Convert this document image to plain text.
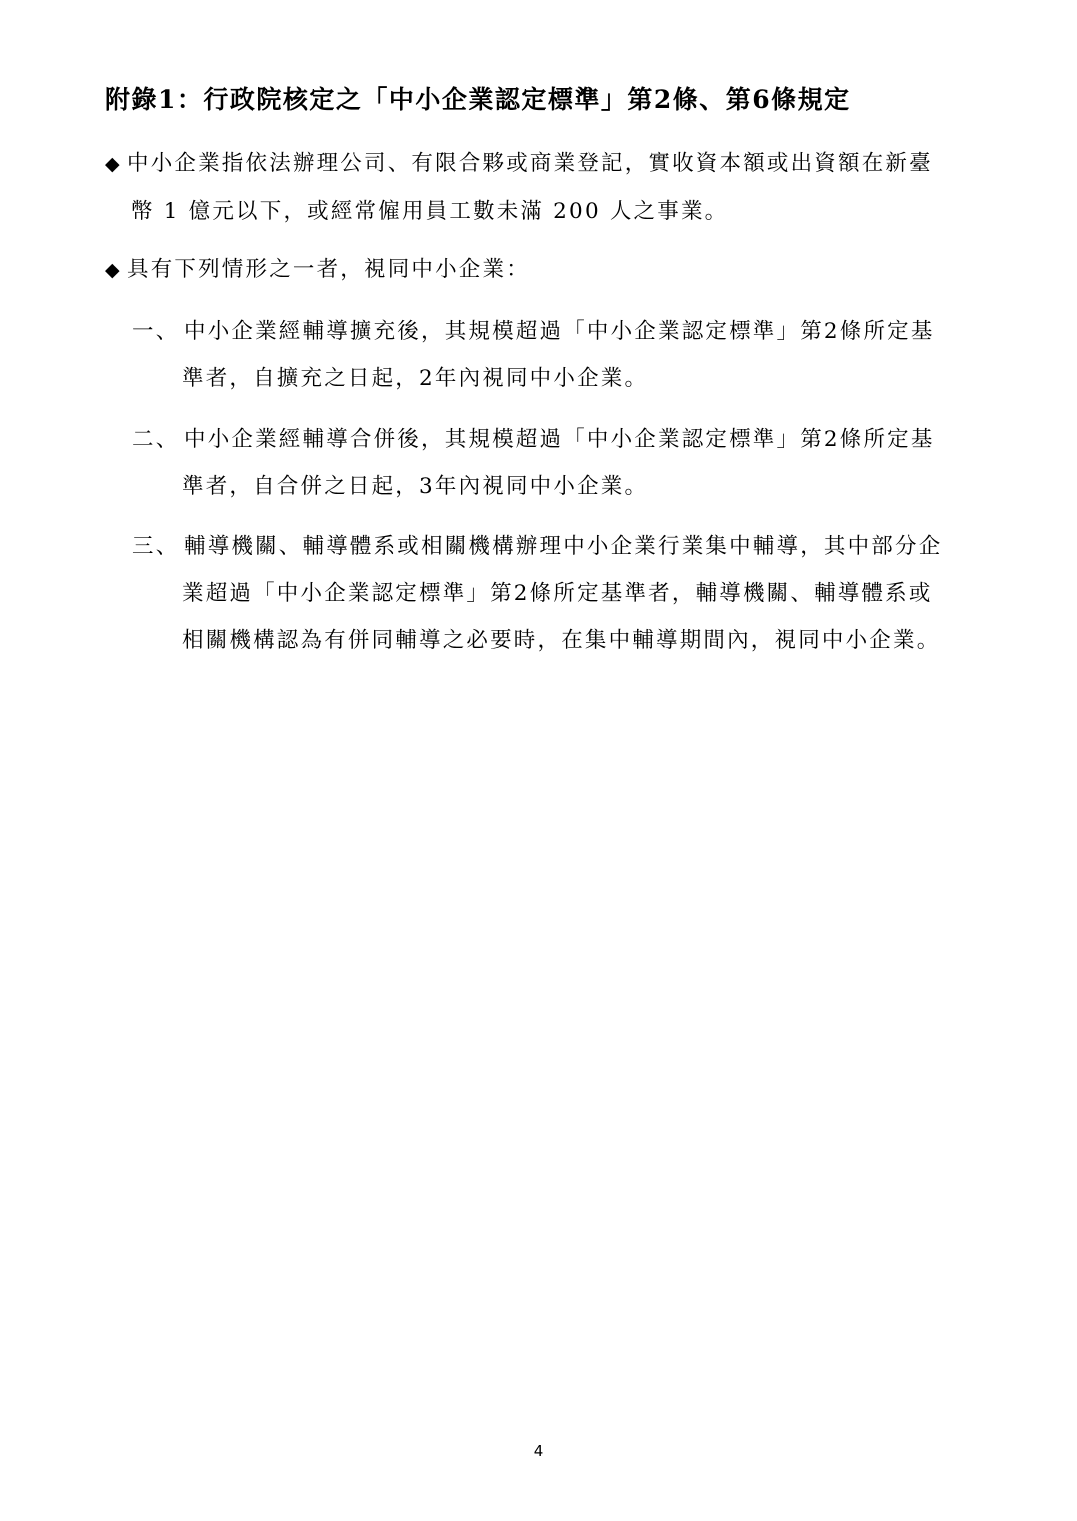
附錄1：行政院核定之「中小企業認定標準」第2條、第6條規定
◆ 中小企業指依法辦理公司、有限合夥或商業登記，實收資本額或出資額在新臺
幣 1 億元以下，或經常僱用員工數未滿 200 人之事業。
◆ 具有下列情形之一者，視同中小企業：
一、 中小企業經輔導擴充後，其規模超過「中小企業認定標準」第2條所定基
準者，自擴充之日起，2年內視同中小企業。
二、 中小企業經輔導合併後，其規模超過「中小企業認定標準」第2條所定基
準者，自合併之日起，3年內視同中小企業。
三、 輔導機關、輔導體系或相關機構辦理中小企業行業集中輔導，其中部分企
業超過「中小企業認定標準」第2條所定基準者，輔導機關、輔導體系或
相關機構認為有併同輔導之必要時，在集中輔導期間內，視同中小企業。
4
